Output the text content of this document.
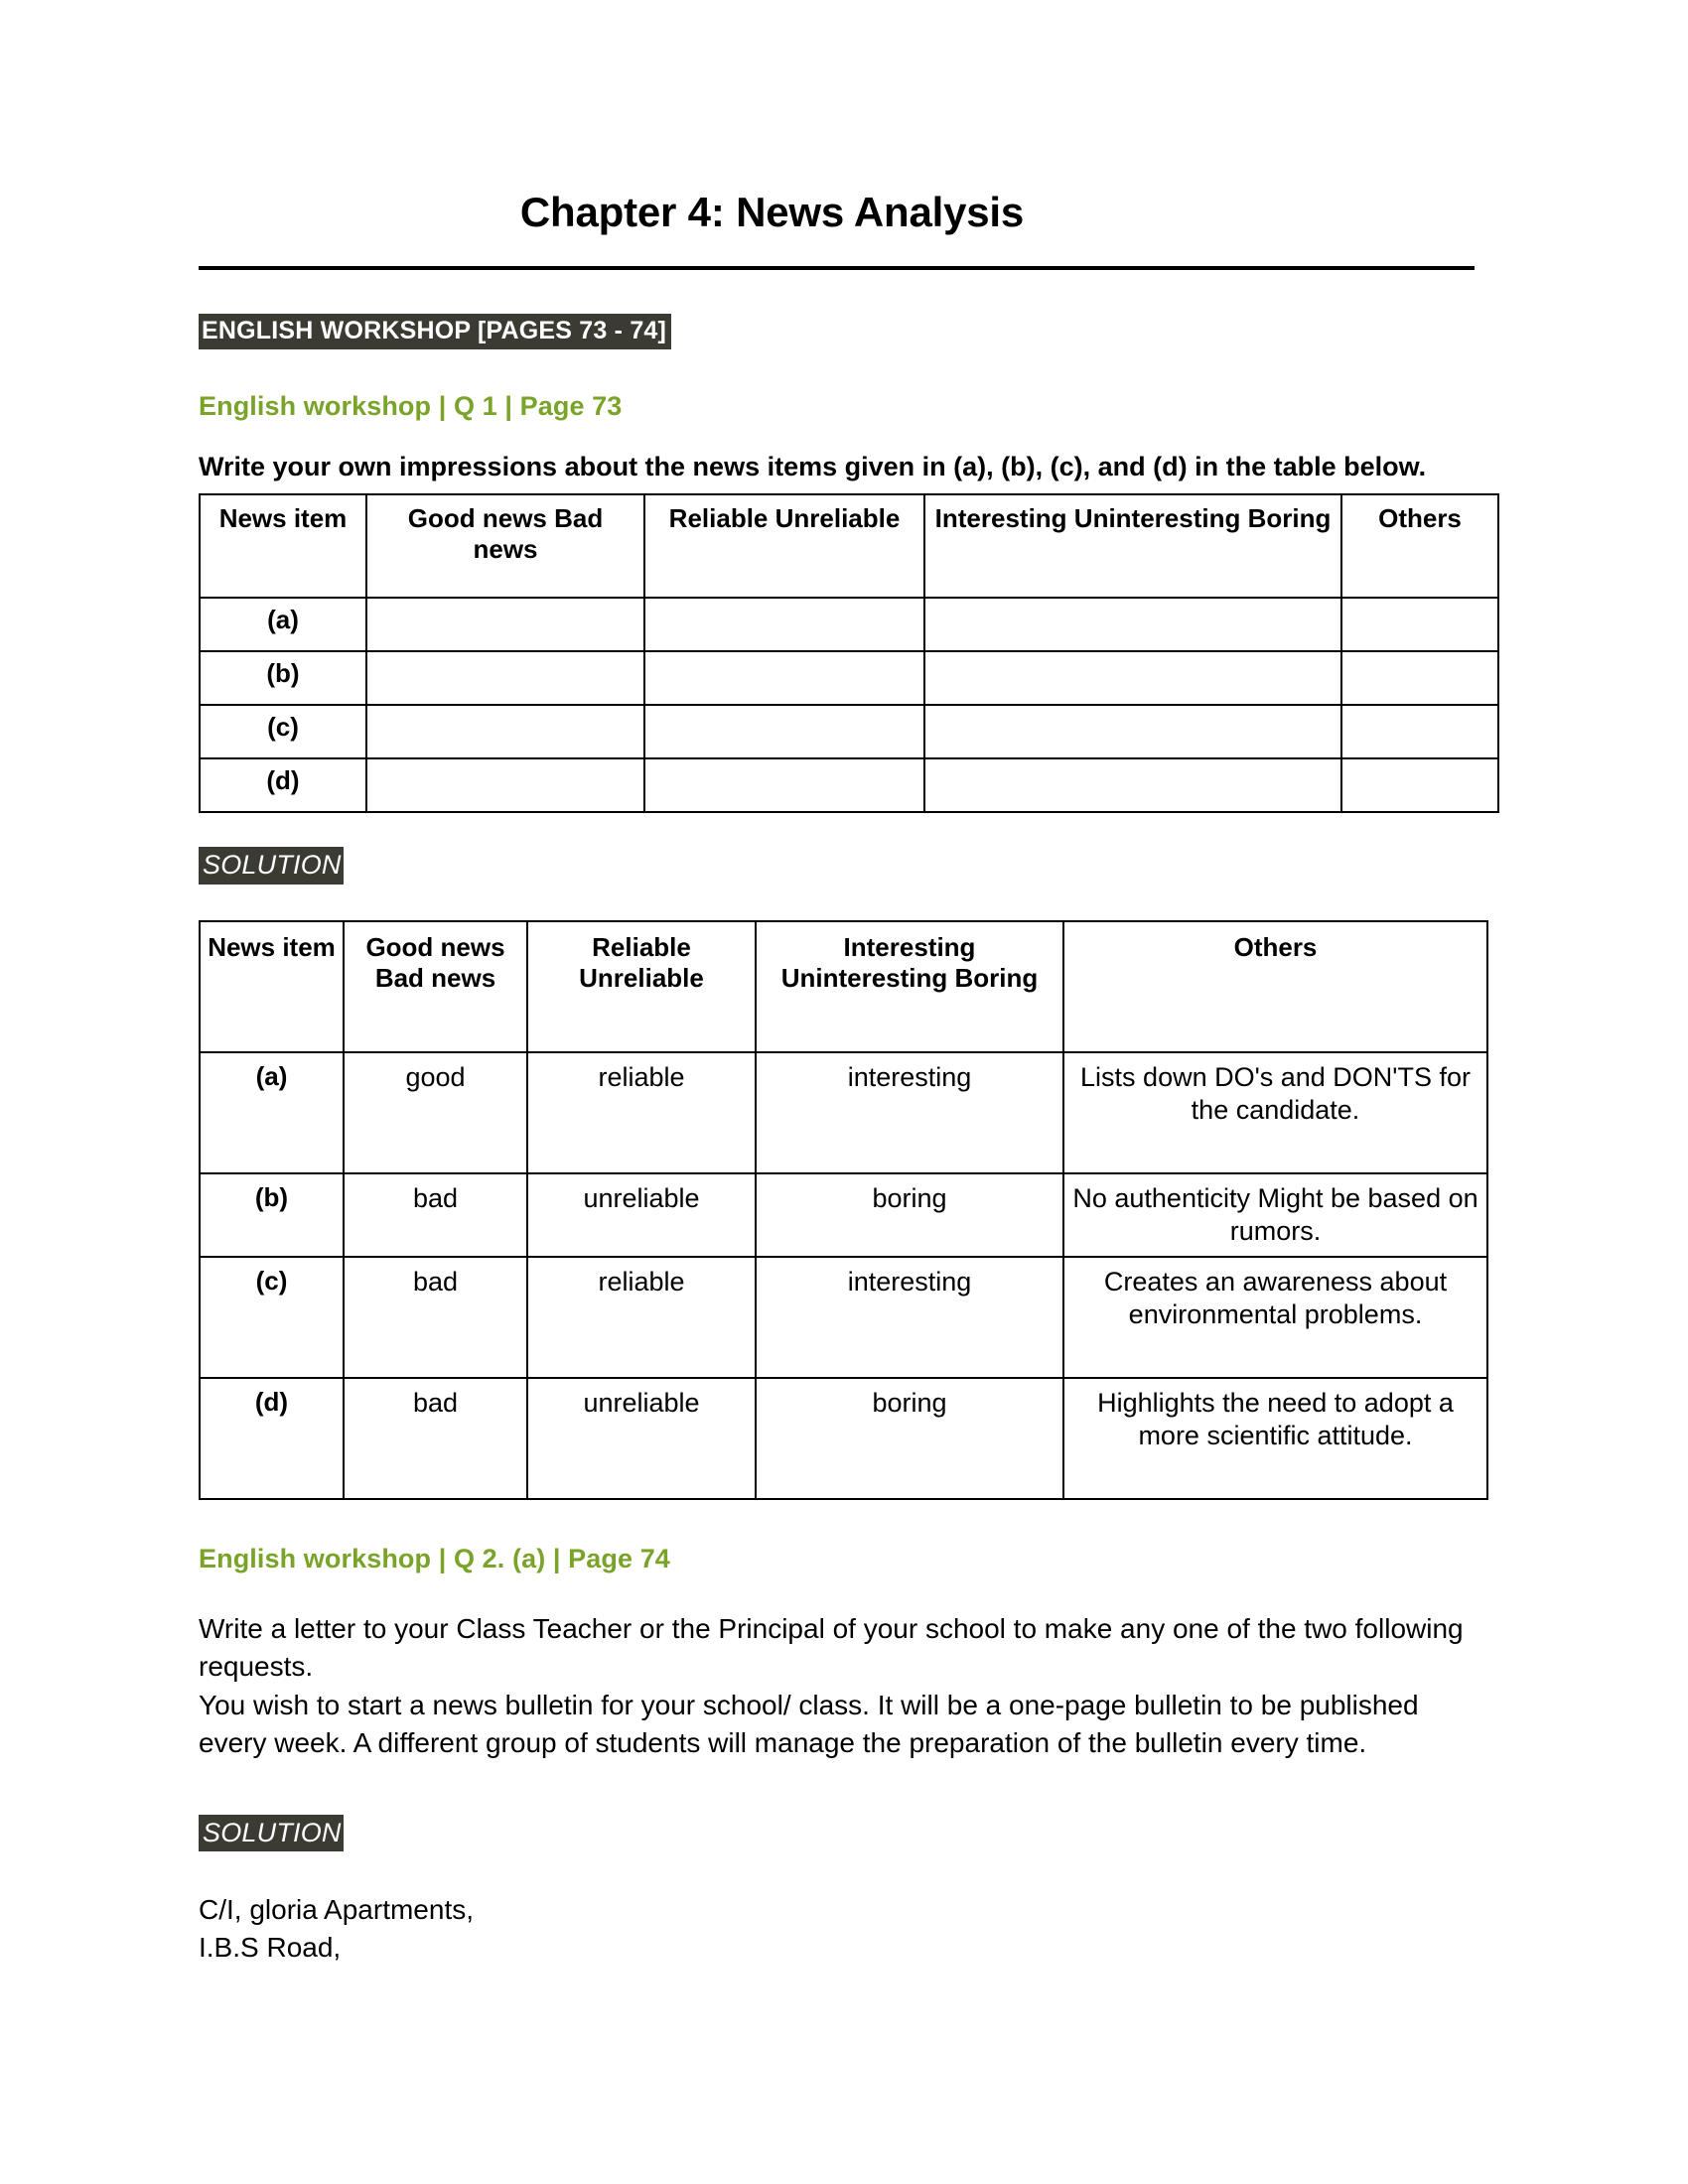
Chapter 4: News Analysis
ENGLISH WORKSHOP [PAGES 73 - 74]
English workshop | Q 1 | Page 73

Write your own impressions about the news items given in (a), (b), (c), and (d) in the table below.

News item	Good news Bad news	Reliable Unreliable	Interesting Uninteresting Boring	Others
(a)				
(b)				
(c)				
(d)				
SOLUTION
News item	Good news Bad news	Reliable Unreliable	Interesting Uninteresting Boring	Others
(a)	good	reliable	interesting	Lists down DO's and DON'TS for the candidate.
(b)	bad	unreliable	boring	No authenticity Might be based on rumors.
(c)	bad	reliable	interesting	Creates an awareness about environmental problems.
(d)	bad	unreliable	boring	Highlights the need to adopt a more scientific attitude.
English workshop | Q 2. (a) | Page 74

Write a letter to your Class Teacher or the Principal of your school to make any one of the two following requests.

You wish to start a news bulletin for your school/ class. It will be a one-page bulletin to be published every week. A different group of students will manage the preparation of the bulletin every time.

SOLUTION

C/I, gloria Apartments,

I.B.S Road,
